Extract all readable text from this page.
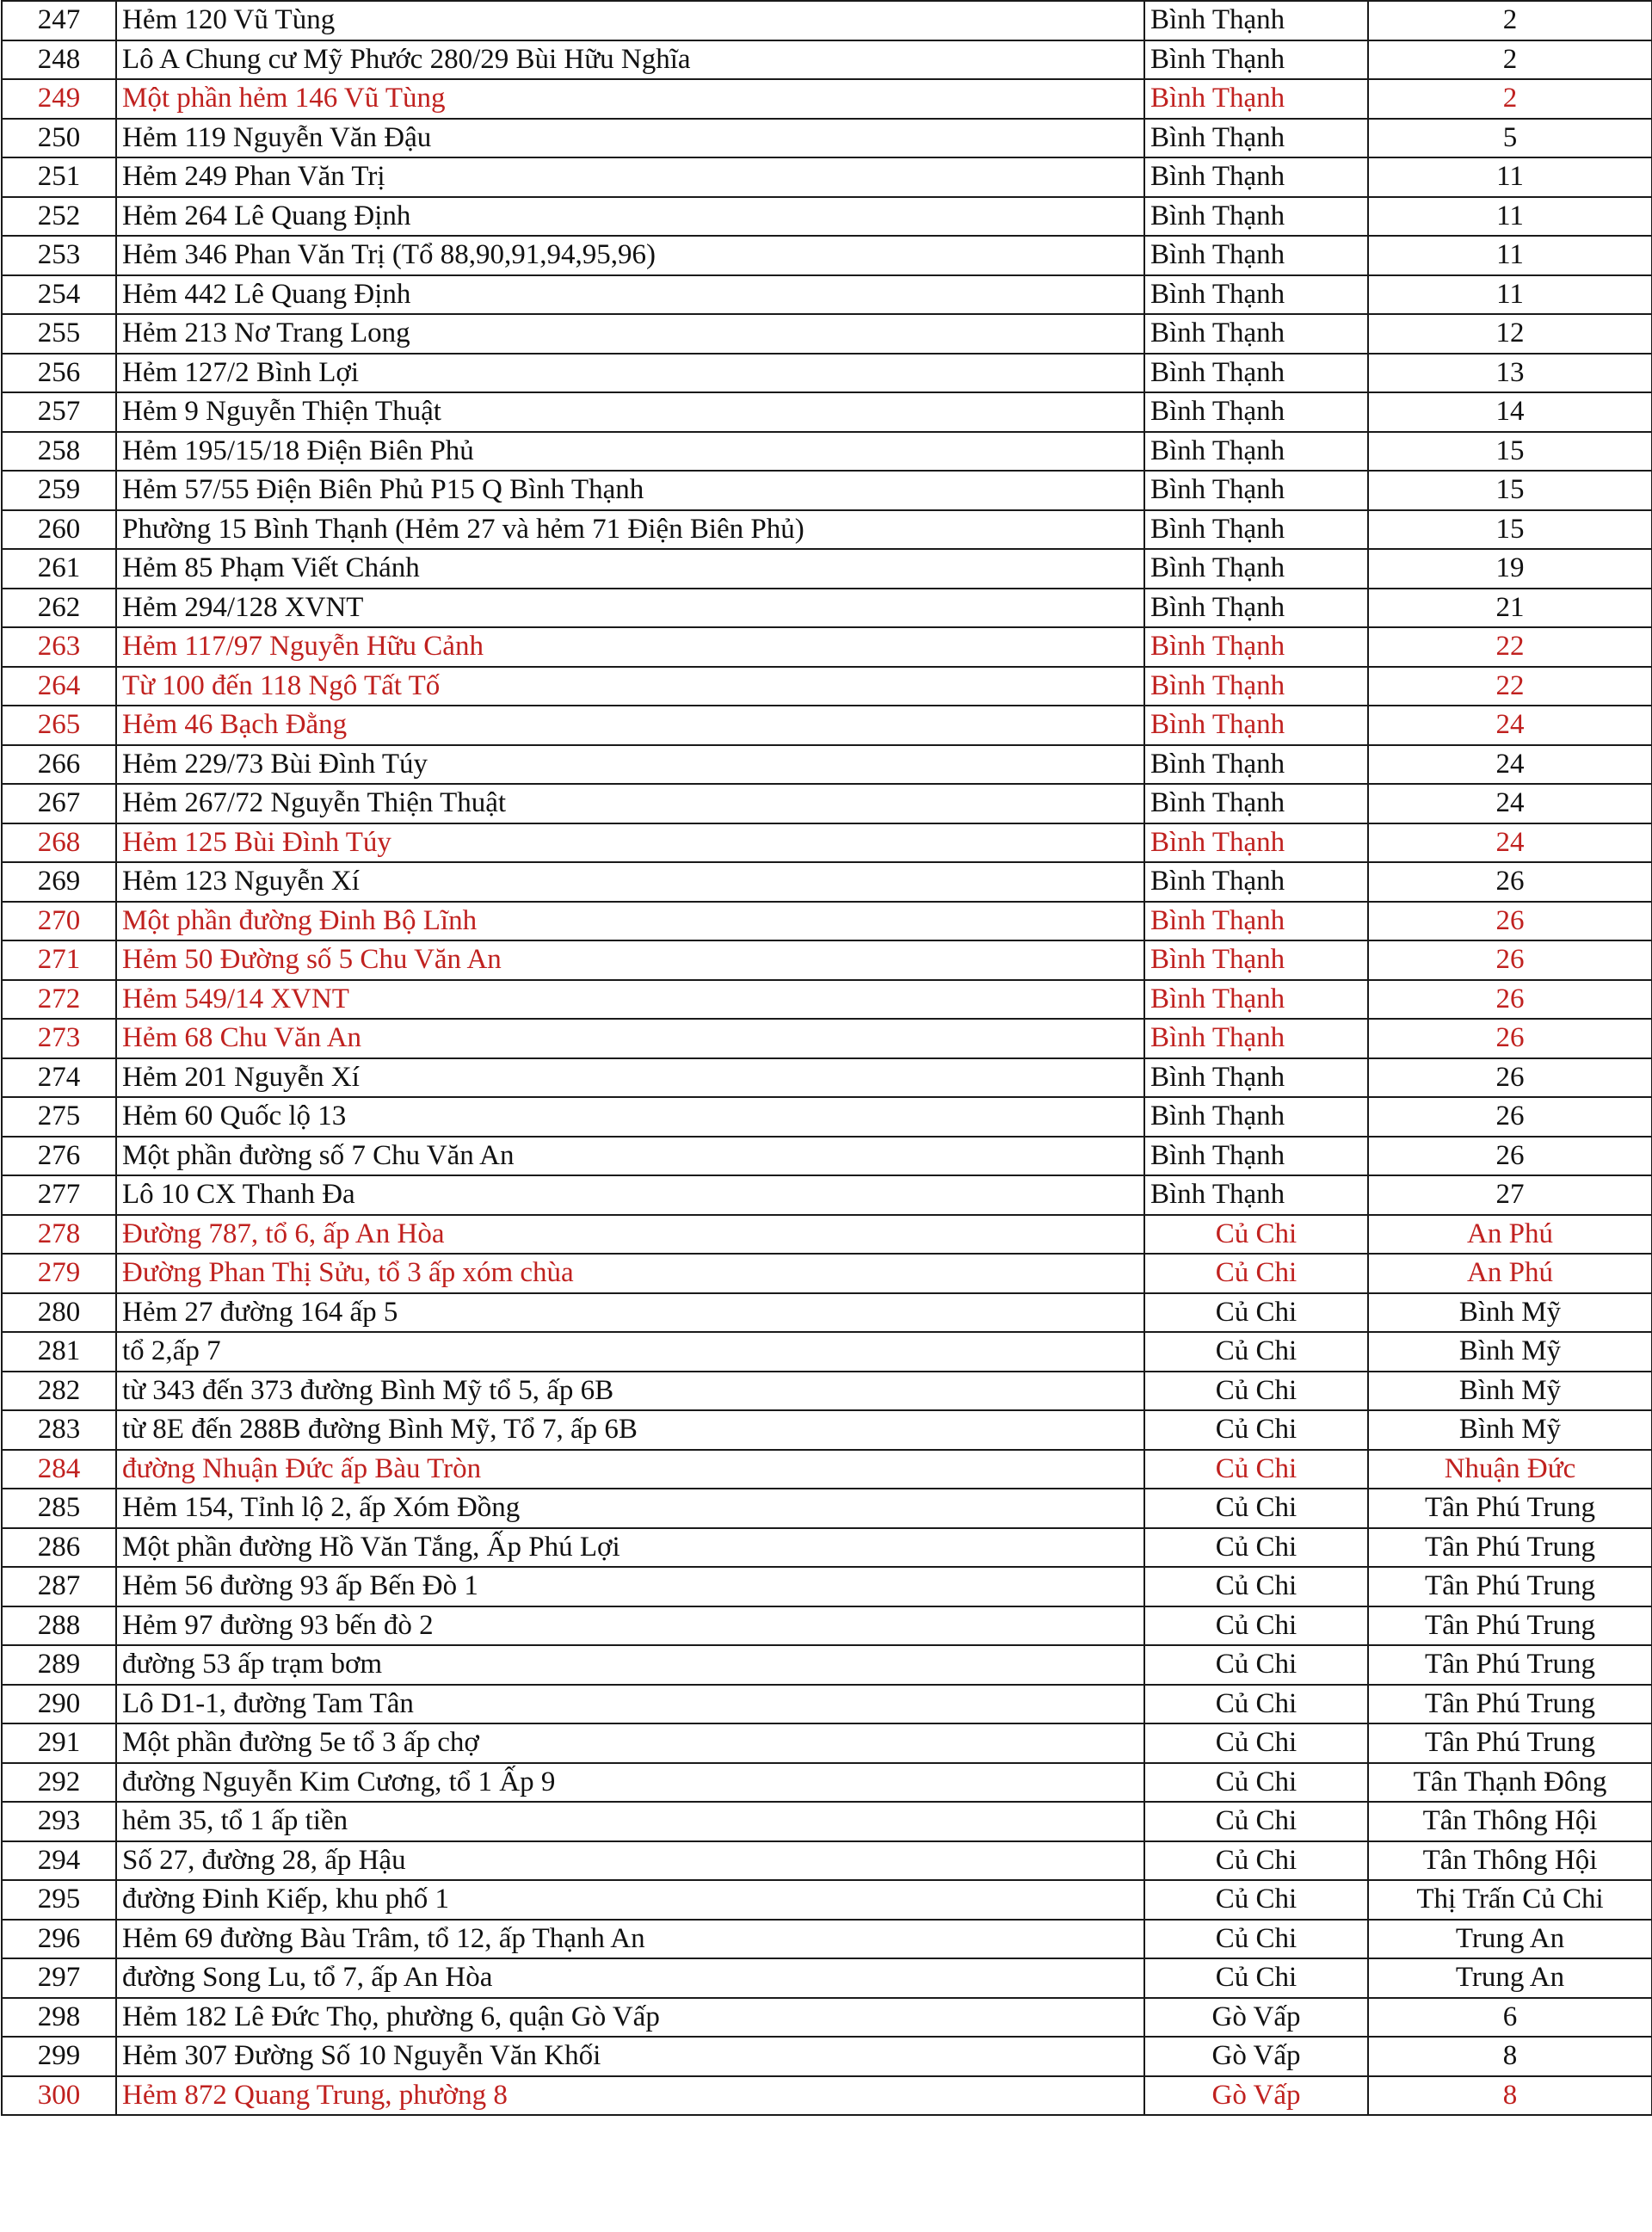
247	Hẻm 120 Vũ Tùng	Bình Thạnh	2
248	Lô A Chung cư Mỹ Phước 280/29 Bùi Hữu Nghĩa	Bình Thạnh	2
249	Một phần hẻm 146 Vũ Tùng	Bình Thạnh	2
250	Hẻm 119 Nguyễn Văn Đậu	Bình Thạnh	5
251	Hẻm 249 Phan Văn Trị	Bình Thạnh	11
252	Hẻm 264 Lê Quang Định	Bình Thạnh	11
253	Hẻm 346 Phan Văn Trị (Tổ 88,90,91,94,95,96)	Bình Thạnh	11
254	Hẻm 442 Lê Quang Định	Bình Thạnh	11
255	Hẻm 213 Nơ Trang Long	Bình Thạnh	12
256	Hẻm 127/2 Bình Lợi	Bình Thạnh	13
257	Hẻm 9 Nguyễn Thiện Thuật	Bình Thạnh	14
258	Hẻm 195/15/18 Điện Biên Phủ	Bình Thạnh	15
259	Hẻm 57/55 Điện Biên Phủ P15 Q Bình Thạnh	Bình Thạnh	15
260	Phường 15 Bình Thạnh (Hẻm 27 và hẻm 71 Điện Biên Phủ)	Bình Thạnh	15
261	Hẻm 85 Phạm Viết Chánh	Bình Thạnh	19
262	Hẻm 294/128 XVNT	Bình Thạnh	21
263	Hẻm 117/97 Nguyễn Hữu Cảnh	Bình Thạnh	22
264	Từ 100 đến 118 Ngô Tất Tố	Bình Thạnh	22
265	Hẻm 46 Bạch Đằng	Bình Thạnh	24
266	Hẻm 229/73 Bùi Đình Túy	Bình Thạnh	24
267	Hẻm 267/72 Nguyễn Thiện Thuật	Bình Thạnh	24
268	Hẻm 125 Bùi Đình Túy	Bình Thạnh	24
269	Hẻm 123 Nguyễn Xí	Bình Thạnh	26
270	Một phần đường Đinh Bộ Lĩnh	Bình Thạnh	26
271	Hẻm 50 Đường số 5 Chu Văn An	Bình Thạnh	26
272	Hẻm 549/14 XVNT	Bình Thạnh	26
273	Hẻm 68 Chu Văn An	Bình Thạnh	26
274	Hẻm 201 Nguyễn Xí	Bình Thạnh	26
275	Hẻm 60 Quốc lộ 13	Bình Thạnh	26
276	Một phần đường số 7 Chu Văn An	Bình Thạnh	26
277	Lô 10 CX Thanh Đa	Bình Thạnh	27
278	Đường 787, tổ 6, ấp An Hòa	Củ Chi	An Phú
279	Đường Phan Thị Sửu, tổ 3 ấp xóm chùa	Củ Chi	An Phú
280	Hẻm 27 đường 164 ấp 5	Củ Chi	Bình Mỹ
281	tổ 2,ấp 7	Củ Chi	Bình Mỹ
282	từ 343 đến 373 đường Bình Mỹ tổ 5, ấp 6B	Củ Chi	Bình Mỹ
283	từ 8E đến 288B đường Bình Mỹ, Tổ 7, ấp 6B	Củ Chi	Bình Mỹ
284	đường Nhuận Đức ấp Bàu Tròn	Củ Chi	Nhuận Đức
285	Hẻm 154, Tỉnh lộ 2, ấp Xóm Đồng	Củ Chi	Tân Phú Trung
286	Một phần đường Hồ Văn Tắng, Ấp Phú Lợi	Củ Chi	Tân Phú Trung
287	Hẻm 56 đường 93 ấp Bến Đò 1	Củ Chi	Tân Phú Trung
288	Hẻm 97 đường 93 bến đò 2	Củ Chi	Tân Phú Trung
289	đường 53 ấp trạm bơm	Củ Chi	Tân Phú Trung
290	Lô D1-1, đường Tam Tân	Củ Chi	Tân Phú Trung
291	Một phần đường 5e tổ 3 ấp chợ	Củ Chi	Tân Phú Trung
292	đường Nguyễn Kim Cương, tổ 1 Ấp 9	Củ Chi	Tân Thạnh Đông
293	hẻm 35, tổ 1 ấp tiền	Củ Chi	Tân Thông Hội
294	Số 27, đường 28, ấp Hậu	Củ Chi	Tân Thông Hội
295	đường Đinh Kiếp, khu phố 1	Củ Chi	Thị Trấn Củ Chi
296	Hẻm 69 đường Bàu Trâm, tổ 12, ấp Thạnh An	Củ Chi	Trung An
297	đường Song Lu, tổ 7, ấp An Hòa	Củ Chi	Trung An
298	Hẻm 182 Lê Đức Thọ, phường 6, quận Gò Vấp	Gò Vấp	6
299	Hẻm 307 Đường Số 10 Nguyễn Văn Khối	Gò Vấp	8
300	Hẻm 872 Quang Trung, phường 8	Gò Vấp	8
